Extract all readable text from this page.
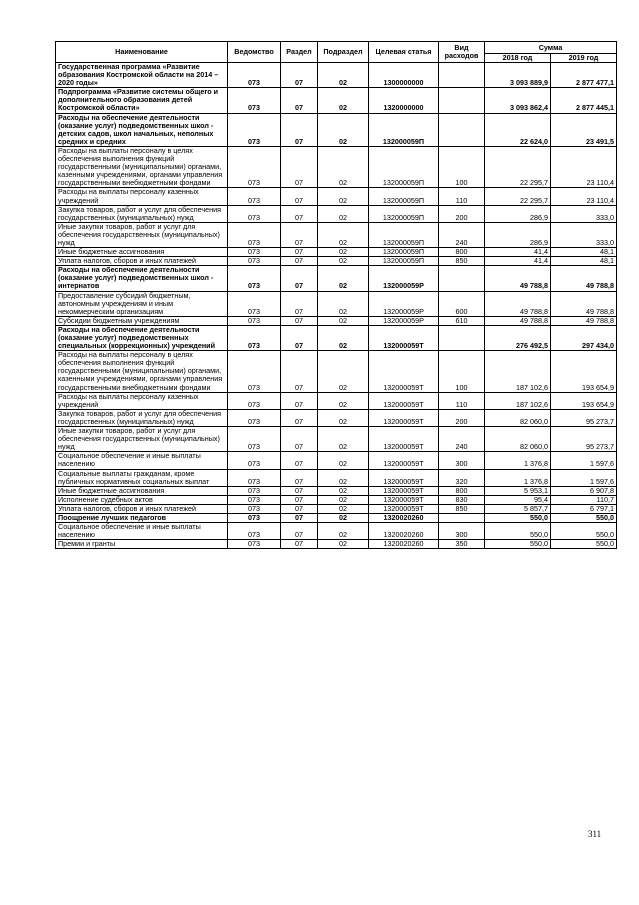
Наименование	Ведомство	Раздел	Подраздел	Целевая статья	Вид расходов	Сумма	
						2018 год	2019 год
Государственная программа «Развитие образования Костромской области на 2014 – 2020 годы»	073	07	02	1300000000		3 093 889,9	2 877 477,1
Подпрограмма «Развитие системы общего и дополнительного образования детей Костромской области»	073	07	02	1320000000		3 093 862,4	2 877 445,1
Расходы на обеспечение деятельности (оказание услуг) подведомственных школ - детских садов, школ начальных, неполных средних и средних	073	07	02	132000059П		22 624,0	23 491,5
Расходы на выплаты персоналу в целях обеспечения выполнения функций государственными (муниципальными) органами, казенными учреждениями, органами управления государственными внебюджетными фондами	073	07	02	132000059П	100	22 295,7	23 110,4
Расходы на выплаты персоналу казенных учреждений	073	07	02	132000059П	110	22 295,7	23 110,4
Закупка товаров, работ и услуг для обеспечения государственных (муниципальных) нужд	073	07	02	132000059П	200	286,9	333,0
Иные закупки товаров, работ и услуг для обеспечения государственных (муниципальных) нужд	073	07	02	132000059П	240	286,9	333,0
Иные бюджетные ассигнования	073	07	02	132000059П	800	41,4	48,1
Уплата налогов, сборов и иных платежей	073	07	02	132000059П	850	41,4	48,1
Расходы на обеспечение деятельности (оказание услуг) подведомственных школ - интернатов	073	07	02	132000059Р		49 788,8	49 788,8
Предоставление субсидий бюджетным, автономным учреждениям и иным некоммерческим организациям	073	07	02	132000059Р	600	49 788,8	49 788,8
Субсидии бюджетным учреждениям	073	07	02	132000059Р	610	49 788,8	49 788,8
Расходы на обеспечение деятельности (оказание услуг) подведомственных специальных (коррекционных) учреждений	073	07	02	132000059Т		276 492,5	297 434,0
Расходы на выплаты персоналу в целях обеспечения выполнения функций государственными (муниципальными) органами, казенными учреждениями, органами управления государственными внебюджетными фондами	073	07	02	132000059Т	100	187 102,6	193 654,9
Расходы на выплаты персоналу казенных учреждений	073	07	02	132000059Т	110	187 102,6	193 654,9
Закупка товаров, работ и услуг для обеспечения государственных (муниципальных) нужд	073	07	02	132000059Т	200	82 060,0	95 273,7
Иные закупки товаров, работ и услуг для обеспечения государственных (муниципальных) нужд	073	07	02	132000059Т	240	82 060,0	95 273,7
Социальное обеспечение и иные выплаты населению	073	07	02	132000059Т	300	1 376,8	1 597,6
Социальные выплаты гражданам, кроме публичных нормативных социальных выплат	073	07	02	132000059Т	320	1 376,8	1 597,6
Иные бюджетные ассигнования	073	07	02	132000059Т	800	5 953,1	6 907,8
Исполнение судебных актов	073	07	02	132000059Т	830	95,4	110,7
Уплата налогов, сборов и иных платежей	073	07	02	132000059Т	850	5 857,7	6 797,1
Поощрение лучших педагогов	073	07	02	1320020260		550,0	550,0
Социальное обеспечение и иные выплаты населению	073	07	02	1320020260	300	550,0	550,0
Премии и гранты	073	07	02	1320020260	350	550,0	550,0
311
